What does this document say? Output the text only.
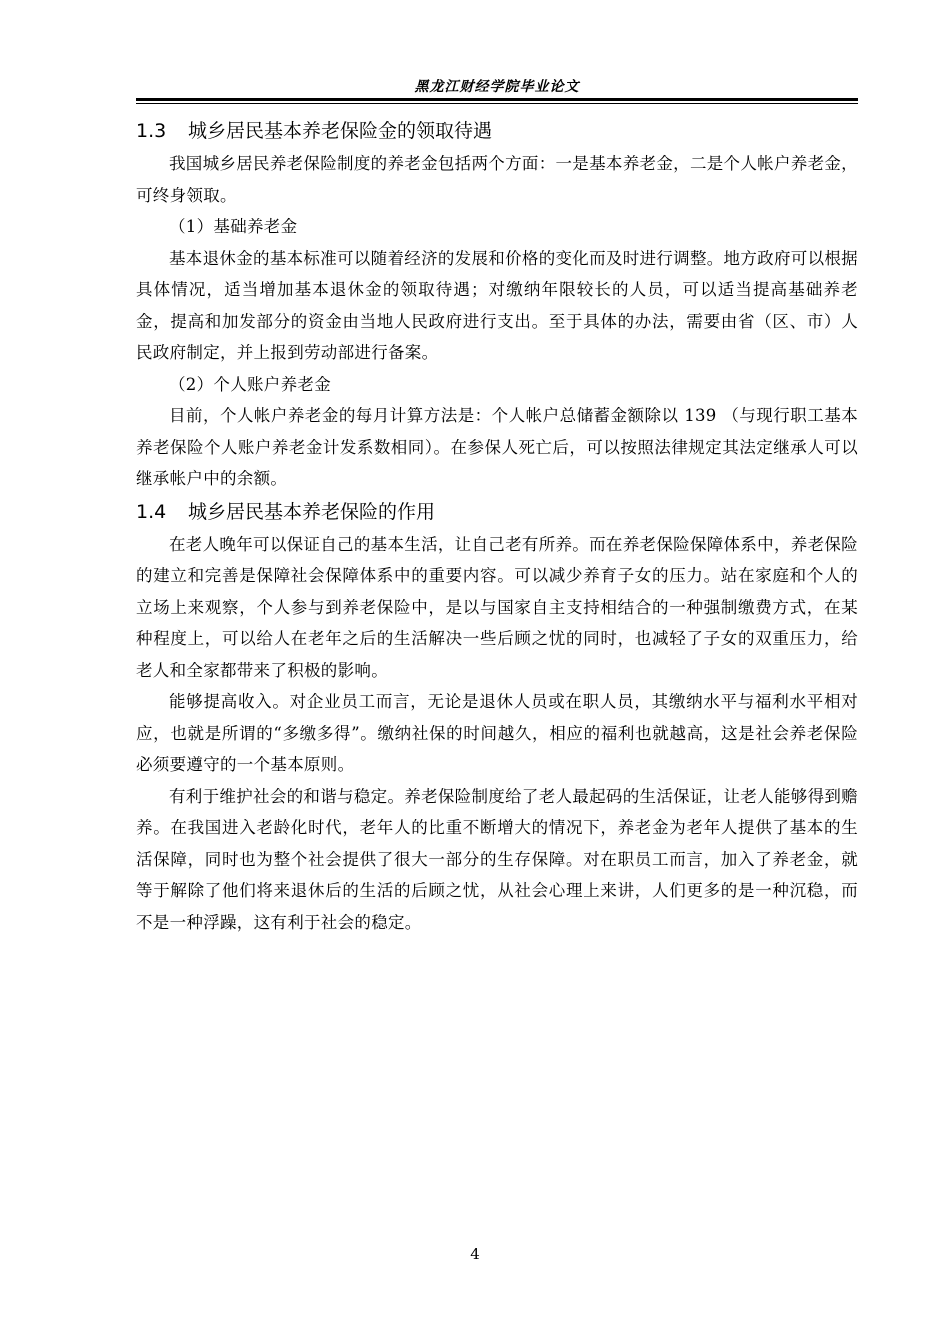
黑龙江财经学院毕业论文
1.3 城乡居民基本养老保险金的领取待遇

我国城乡居民养老保险制度的养老金包括两个方面：一是基本养老金，二是个人帐户养老金，可终身领取。

（1）基础养老金

基本退休金的基本标准可以随着经济的发展和价格的变化而及时进行调整。地方政府可以根据具体情况，适当增加基本退休金的领取待遇；对缴纳年限较长的人员，可以适当提高基础养老金，提高和加发部分的资金由当地人民政府进行支出。至于具体的办法，需要由省（区、市）人民政府制定，并上报到劳动部进行备案。

（2）个人账户养老金

目前，个人帐户养老金的每月计算方法是：个人帐户总储蓄金额除以 139 （与现行职工基本养老保险个人账户养老金计发系数相同）。在参保人死亡后，可以按照法律规定其法定继承人可以继承帐户中的余额。

1.4 城乡居民基本养老保险的作用

在老人晚年可以保证自己的基本生活，让自己老有所养。而在养老保险保障体系中，养老保险的建立和完善是保障社会保障体系中的重要内容。可以减少养育子女的压力。站在家庭和个人的立场上来观察，个人参与到养老保险中，是以与国家自主支持相结合的一种强制缴费方式，在某种程度上，可以给人在老年之后的生活解决一些后顾之忧的同时，也减轻了子女的双重压力，给老人和全家都带来了积极的影响。

能够提高收入。对企业员工而言，无论是退休人员或在职人员，其缴纳水平与福利水平相对应，也就是所谓的“多缴多得”。缴纳社保的时间越久，相应的福利也就越高，这是社会养老保险必须要遵守的一个基本原则。

有利于维护社会的和谐与稳定。养老保险制度给了老人最起码的生活保证，让老人能够得到赡养。在我国进入老龄化时代，老年人的比重不断增大的情况下，养老金为老年人提供了基本的生活保障，同时也为整个社会提供了很大一部分的生存保障。对在职员工而言，加入了养老金，就等于解除了他们将来退休后的生活的后顾之忧，从社会心理上来讲，人们更多的是一种沉稳，而不是一种浮躁，这有利于社会的稳定。

4
